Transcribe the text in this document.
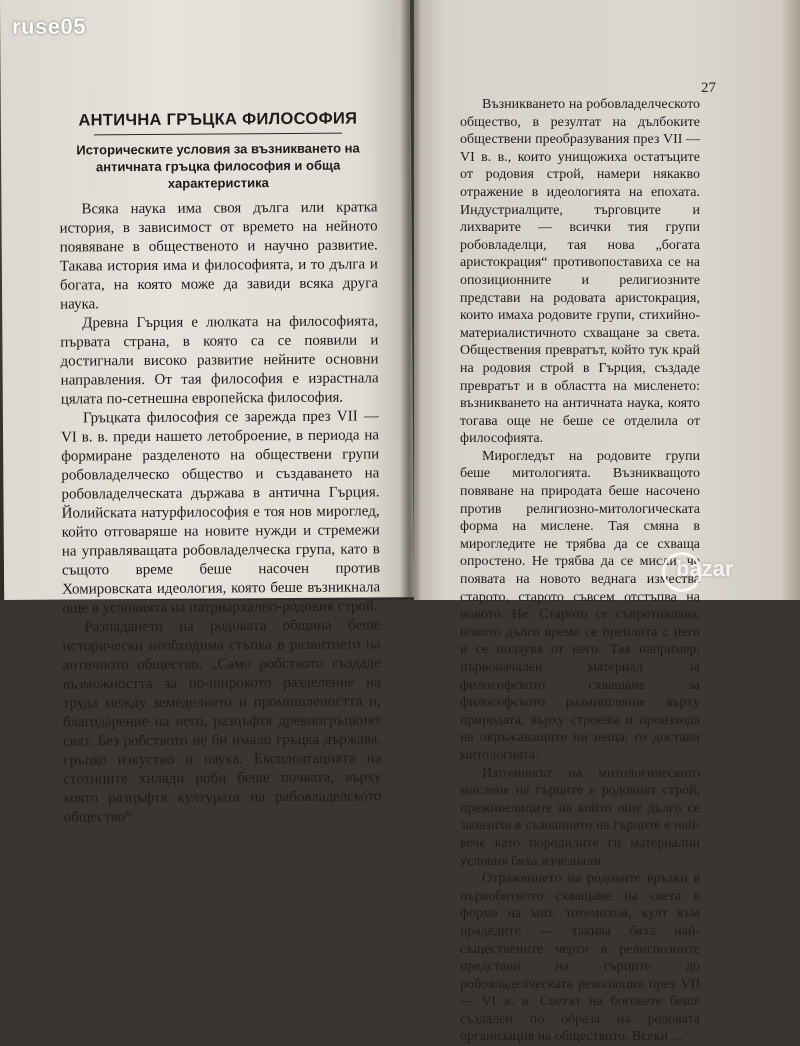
АНТИЧНА ГРЪЦКА ФИЛОСОФИЯ

Историческите условия за възникването на античната гръцка философия и обща характеристика

Всяка наука има своя дълга или кратка история, в зависимост от времето на нейното появяване в общественото и научно развитие. Такава история има и философията, и то дълга и богата, на която може да завиди всяка друга наука.

Древна Гърция е люлката на философията, първата страна, в която са се появили и достигнали високо развитие нейните основни направления. От тая философия е израстнала цялата по-сетнешна европейска философия.

Гръцката философия се зарежда през VII — VI в. в. преди нашето летоброение, в периода на формиране разделеното на обществени групи робовладелческо общество и създаването на робовладелческата държава в антична Гърция. Йолийската натурфилософия е тоя нов мироглед, който отговаряше на новите нужди и стремежи на управляващата робовладелческа група, като в същото време беше насочен против Хомировската идеология, която беше възникнала още в условията на патриархално-родовия строй.

Разпадането на родовата община беше исторически необходима стъпка в развитието на античното общество. „Само робството създаде възможността за по-широкото разделение на труда между земеделието и промишлеността и, благодарение на него, разцъфтя древногръцкият свят. Без робството не би имало гръцка държава, гръцко изкуство и наука. Експлоатацията на стотиците хиляди роби беше почвата, върху която разцъфтя културата на рабовладелското общество“.

27

Възникването на робовладелческото общество, в резултат на дълбоките обществени преобразувания през VII — VI в. в., които унищожиха остатъците от родовия строй, намери някакво отражение в идеологията на епохата. Индустриалците, търговците и лихварите — всички тия групи робовладелци, тая нова „богата аристокрация“ противопоставиха се на опозиционните и религиозните представи на родовата аристокрация, които имаха родовите групи, стихийно-материалистичното схващане за света. Обществения превратът, който тук край на родовия строй в Гърция, създаде превратът и в областта на мисленето: възникването на античната наука, която тогава още не беше се отделила от философията.

Мирогледът на родовите групи беше митологията. Възникващото повяване на природата беше насочено против религиозно-митологическата форма на мислене. Тая смяна в мирогледите не трябва да се схваща опростено. Не трябва да се мисли, че появата на новото веднага измества старото, старото съвсем отстъпва на новото. Не. Старото се съпротивлява, новото дълго време се преплита с него и се ползува от него. Тая например, първоначален материал за философското схващане за философското размишление върху природата, върху строежа и произхода на окръжаващите ни неща, го достави митологията.

Източникът на митологическото мислене на гърците е родовият строй, преживелиците на който още дълго се запазиха в съзнанието на гърците е най-вече като породилите ги материални условия бяха изчезнали.

Отражението на родовите връзки в първобитното схващане на света в форма на мит, тотемизъм, култ към прадедите — такива бяха най-съществените черти в религиозните представи на гърците до робовладелческата революция през VII — VI в. в. Светът на боговете беше създаден по образа на родовата организация на обществото. Всеки ...

ruse05
bazar
